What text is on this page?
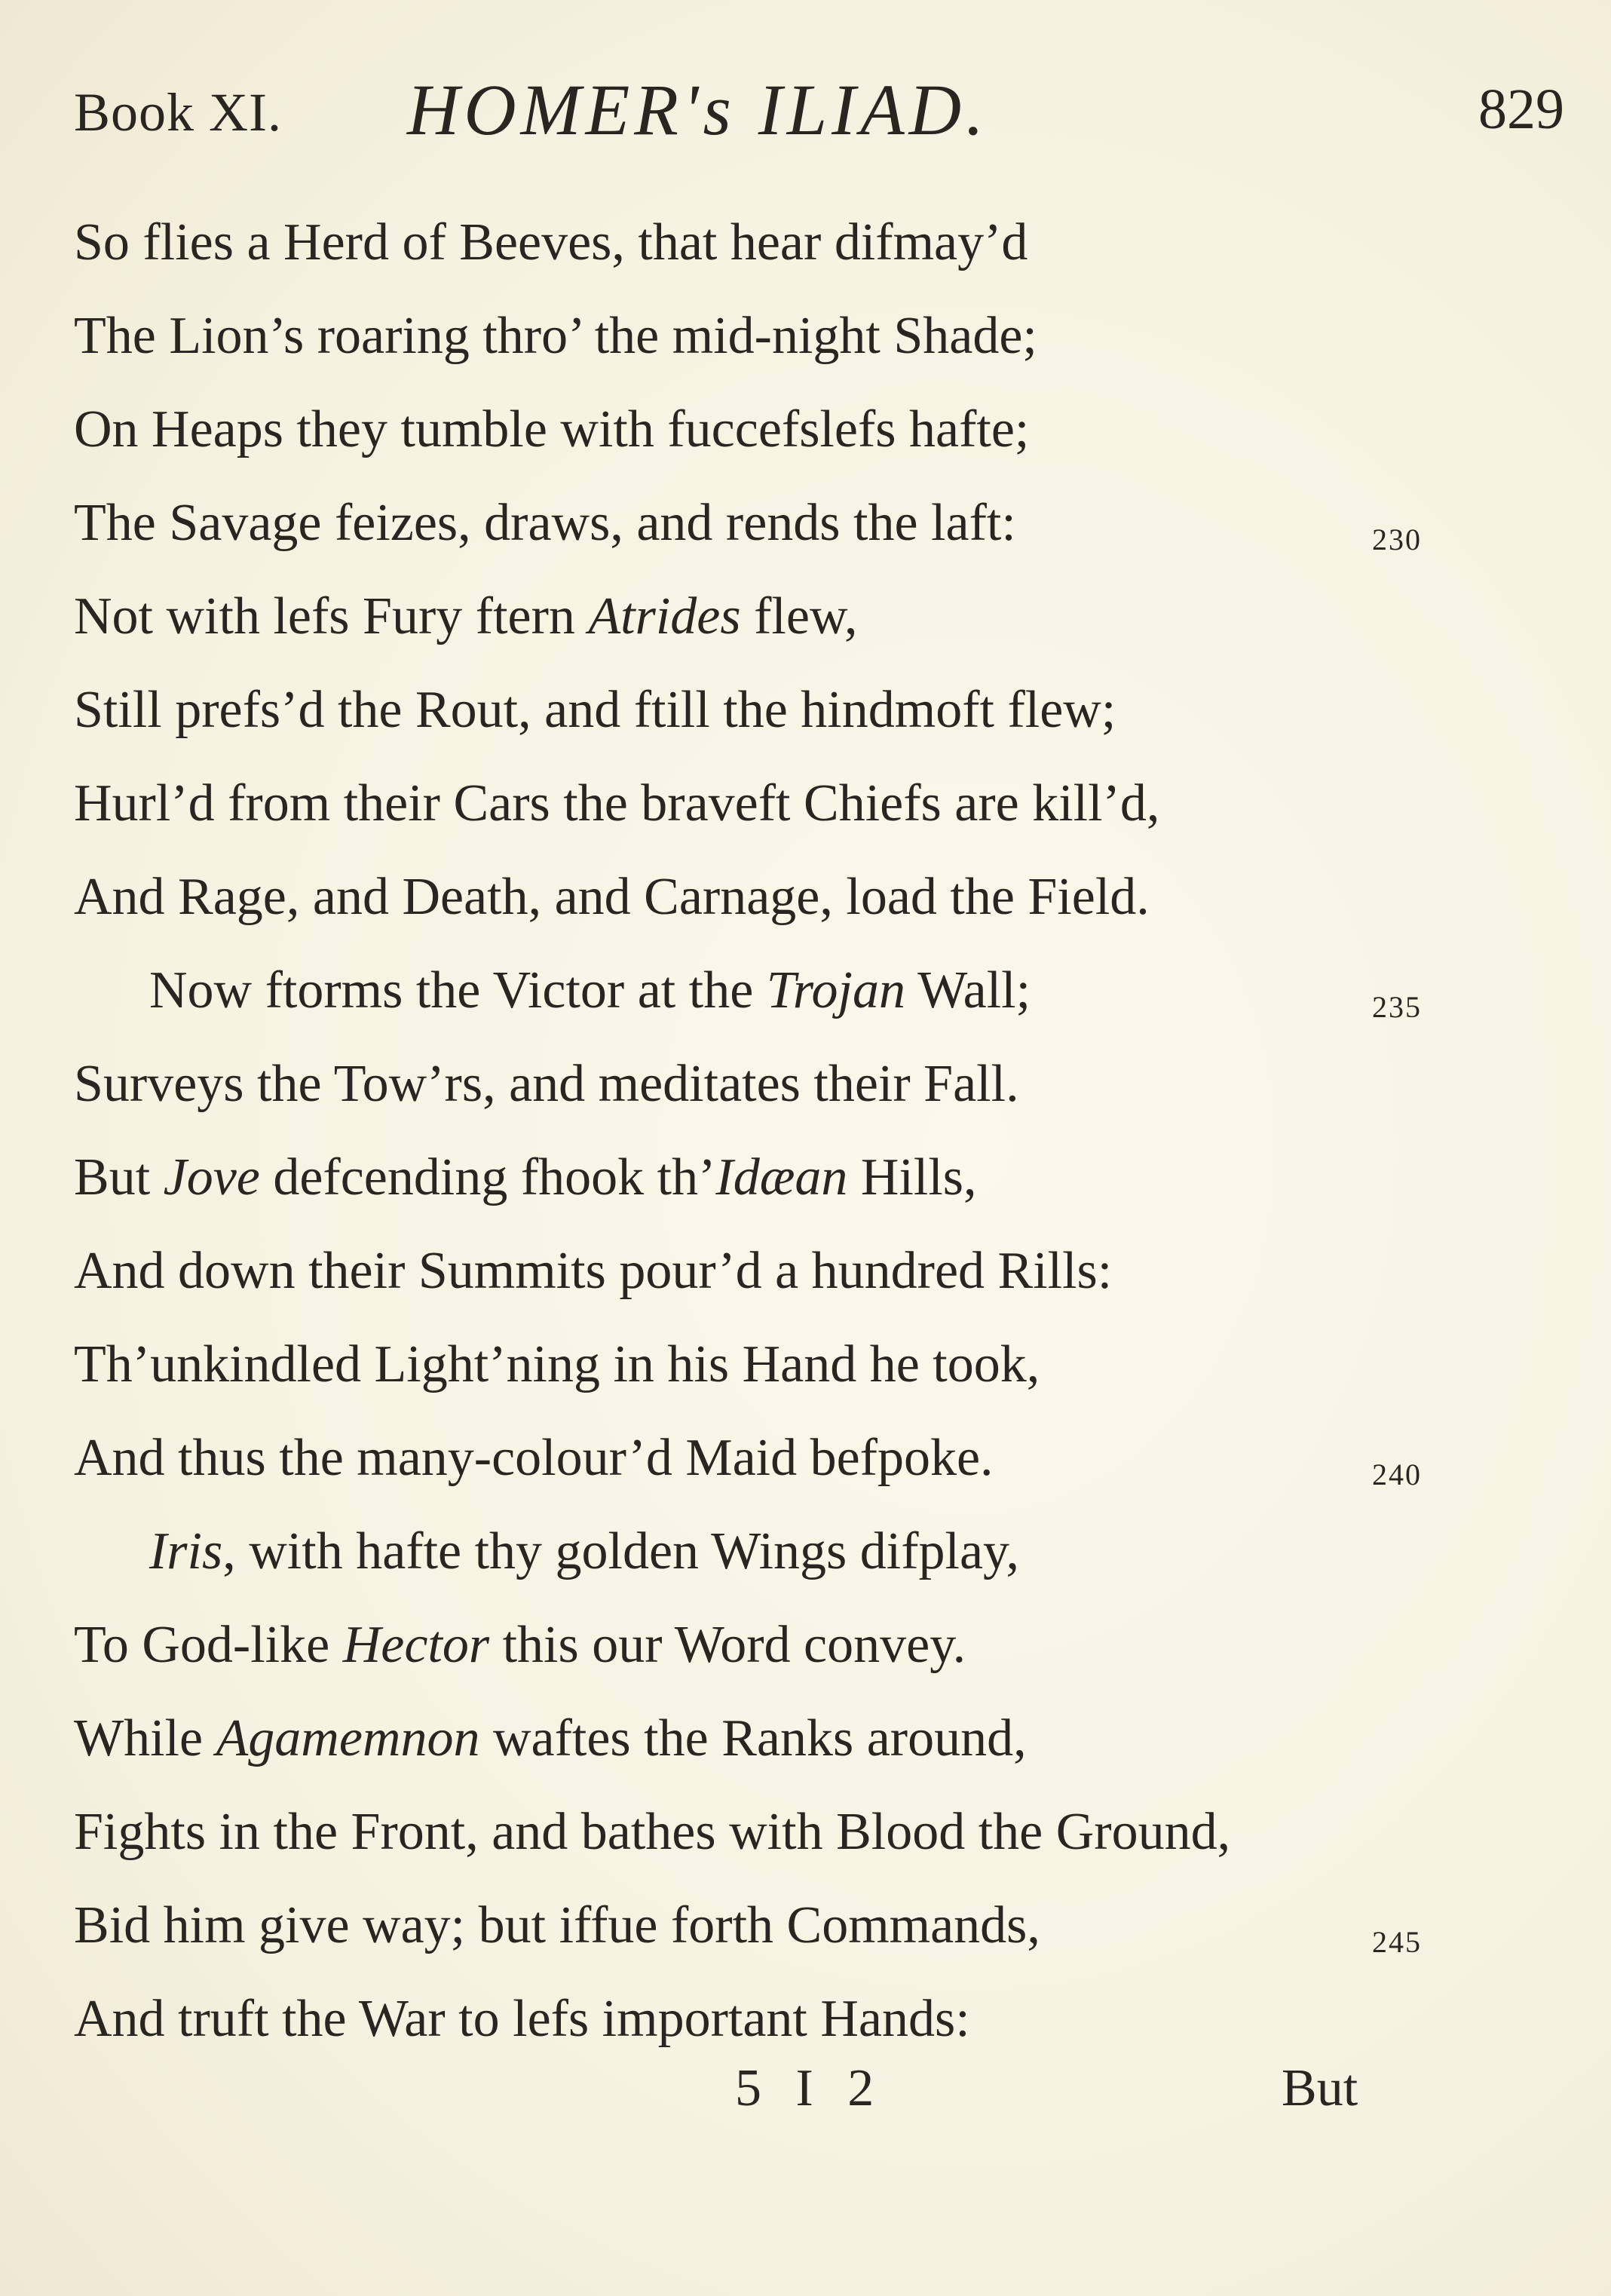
Book XI. HOMER's ILIAD.	829
So flies a Herd of Beeves, that hear difmay’d
The Lion’s roaring thro’ the mid-night Shade;
On Heaps they tumble with fuccefslefs hafte;
The Savage feizes, draws, and rends the laft:	230
Not with lefs Fury ftern Atrides flew,
Still prefs’d the Rout, and ftill the hindmoft flew;
Hurl’d from their Cars the braveft Chiefs are kill’d,
And Rage, and Death, and Carnage, load the Field.
Now ftorms the Victor at the Trojan Wall;	235
Surveys the Tow’rs, and meditates their Fall.
But Jove defcending fhook th’Idæan Hills,
And down their Summits pour’d a hundred Rills:
Th’unkindled Light’ning in his Hand he took,
And thus the many-colour’d Maid befpoke.	240
Iris, with hafte thy golden Wings difplay,
To God-like Hector this our Word convey.
While Agamemnon waftes the Ranks around,
Fights in the Front, and bathes with Blood the Ground,
Bid him give way; but iffue forth Commands,	245
And truft the War to lefs important Hands:
5 I 2	But
